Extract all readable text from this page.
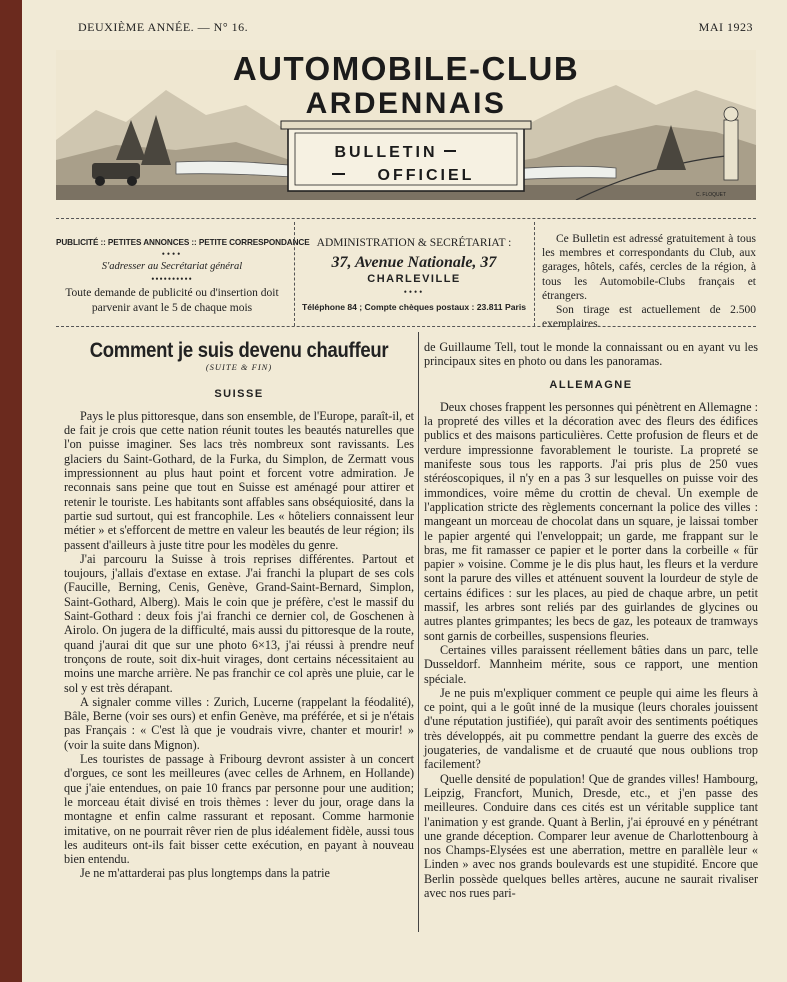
DEUXIÈME ANNÉE. — N° 16.	MAI 1923
AUTOMOBILE-CLUB
ARDENNAIS
BULLETIN
OFFICIEL
C. FLOQUET
PUBLICITÉ :: PETITES ANNONCES :: PETITE CORRESPONDANCE
••••
S'adresser au Secrétariat général
••••••••••
Toute demande de publicité ou d'insertion doit parvenir avant le 5 de chaque mois
ADMINISTRATION & SECRÉTARIAT :
37, Avenue Nationale, 37
CHARLEVILLE
••••
Téléphone 84 ; Compte chèques postaux : 23.811 Paris
Ce Bulletin est adressé gratuitement à tous les membres et correspondants du Club, aux garages, hôtels, cafés, cercles de la région, à tous les Automobile-Clubs français et étrangers.
Son tirage est actuellement de 2.500 exemplaires.
Comment je suis devenu chauffeur
(SUITE & FIN)
SUISSE

Pays le plus pittoresque, dans son ensemble, de l'Europe, paraît-il, et de fait je crois que cette nation réunit toutes les beautés naturelles que l'on puisse imaginer. Ses lacs très nombreux sont ravissants. Les glaciers du Saint-Gothard, de la Furka, du Simplon, de Zermatt vous impressionnent au plus haut point et forcent votre admiration. Je reconnais sans peine que tout en Suisse est aménagé pour attirer et retenir le touriste. Les habitants sont affables sans obséquiosité, dans la partie sud surtout, qui est francophile. Les « hôteliers connaissent leur métier » et s'efforcent de mettre en valeur les beautés de leur région; ils passent d'ailleurs à juste titre pour les modèles du genre.

J'ai parcouru la Suisse à trois reprises différentes. Partout et toujours, j'allais d'extase en extase. J'ai franchi la plupart de ses cols (Faucille, Berning, Cenis, Genève, Grand-Saint-Bernard, Simplon, Saint-Gothard, Alberg). Mais le coin que je préfère, c'est le massif du Saint-Gothard : deux fois j'ai franchi ce dernier col, de Goschenen à Airolo. On jugera de la difficulté, mais aussi du pittoresque de la route, quand j'aurai dit que sur une photo 6×13, j'ai réussi à prendre neuf tronçons de route, soit dix-huit virages, dont certains nécessitaient au moins une marche arrière. Ne pas franchir ce col après une pluie, car le sol y est très dérapant.

A signaler comme villes : Zurich, Lucerne (rappelant la féodalité), Bâle, Berne (voir ses ours) et enfin Genève, ma préférée, et si je n'étais pas Français : « C'est là que je voudrais vivre, chanter et mourir! » (voir la suite dans Mignon).

Les touristes de passage à Fribourg devront assister à un concert d'orgues, ce sont les meilleures (avec celles de Arhnem, en Hollande) que j'aie entendues, on paie 10 francs par personne pour une audition; le morceau était divisé en trois thèmes : lever du jour, orage dans la montagne et enfin calme rassurant et reposant. Comme harmonie imitative, on ne pourrait rêver rien de plus idéalement fidèle, aussi tous les auditeurs ont-ils fait bisser cette exécution, en payant à nouveau bien entendu.

Je ne m'attarderai pas plus longtemps dans la patrie

de Guillaume Tell, tout le monde la connaissant ou en ayant vu les principaux sites en photo ou dans les panoramas.

ALLEMAGNE

Deux choses frappent les personnes qui pénètrent en Allemagne : la propreté des villes et la décoration avec des fleurs des édifices publics et des maisons particulières. Cette profusion de fleurs et de verdure impressionne favorablement le touriste. La propreté se manifeste sous tous les rapports. J'ai pris plus de 250 vues stéréoscopiques, il n'y en a pas 3 sur lesquelles on puisse voir des immondices, voire même du crottin de cheval. Un exemple de l'application stricte des règlements concernant la police des villes : mangeant un morceau de chocolat dans un square, je laissai tomber le papier argenté qui l'enveloppait; un garde, me frappant sur le bras, me fit ramasser ce papier et le porter dans la corbeille « für papier » voisine. Comme je le dis plus haut, les fleurs et la verdure sont la parure des villes et atténuent souvent la lourdeur de style de certains édifices : sur les places, au pied de chaque arbre, un petit massif, les arbres sont reliés par des guirlandes de glycines ou autres plantes grimpantes; les becs de gaz, les poteaux de tramways sont garnis de corbeilles, suspensions fleuries.

Certaines villes paraissent réellement bâties dans un parc, telle Dusseldorf. Mannheim mérite, sous ce rapport, une mention spéciale.

Je ne puis m'expliquer comment ce peuple qui aime les fleurs à ce point, qui a le goût inné de la musique (leurs chorales jouissent d'une réputation justifiée), qui paraît avoir des sentiments poétiques très développés, ait pu commettre pendant la guerre des excès de jougateries, de vandalisme et de cruauté que nous oublions trop facilement?

Quelle densité de population! Que de grandes villes! Hambourg, Leipzig, Francfort, Munich, Dresde, etc., et j'en passe des meilleures. Conduire dans ces cités est un véritable supplice tant l'animation y est grande. Quant à Berlin, j'ai éprouvé en y pénétrant une grande déception. Comparer leur avenue de Charlottenbourg à nos Champs-Elysées est une aberration, mettre en parallèle leur « Linden » avec nos grands boulevards est une stupidité. Encore que Berlin possède quelques belles artères, aucune ne saurait rivaliser avec nos rues pari-
